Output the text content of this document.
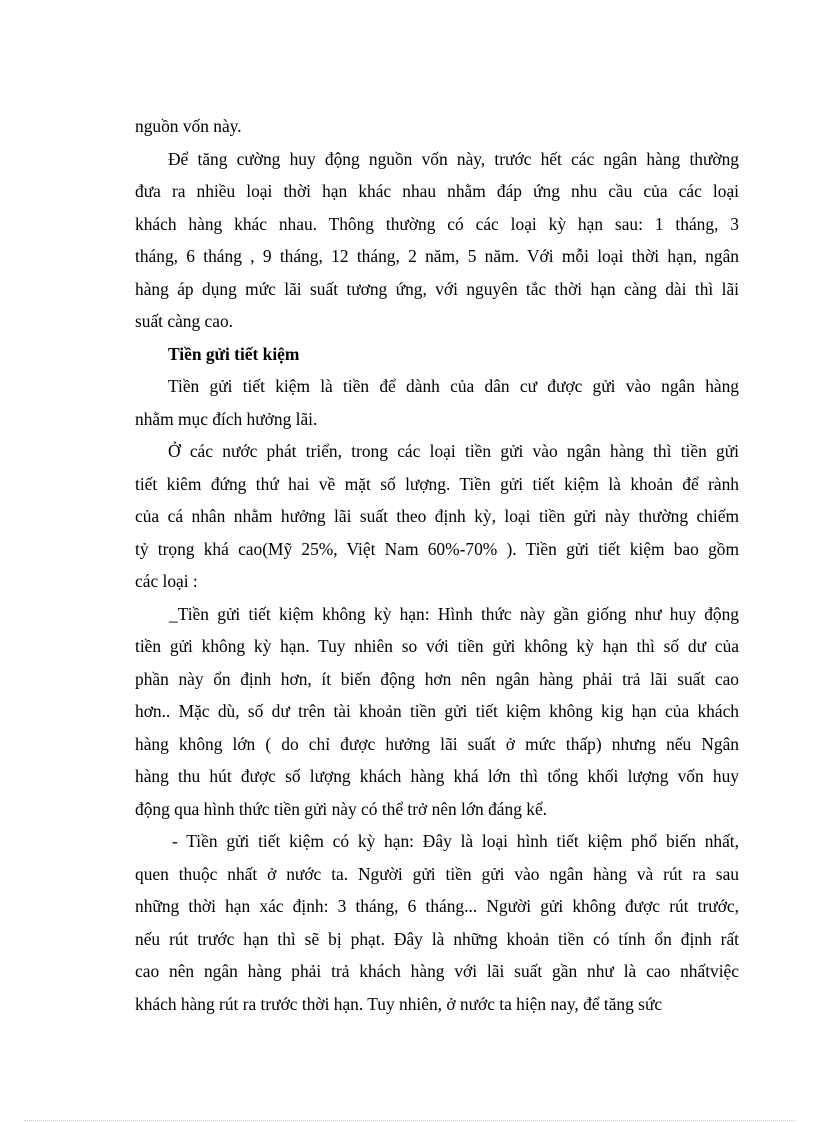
nguồn vốn này.
Để tăng cường huy động nguồn vốn này, trước hết các ngân hàng thường
đưa ra nhiều loại thời hạn khác nhau nhằm đáp ứng nhu cầu của các loại
khách hàng khác nhau. Thông thường có các loại kỳ hạn sau: 1 tháng, 3
tháng, 6 tháng , 9 tháng, 12 tháng, 2 năm, 5 năm. Với mỗi loại thời hạn, ngân
hàng áp dụng mức lãi suất tương ứng, với nguyên tắc thời hạn càng dài thì lãi
suất càng cao.
Tiền gửi tiết kiệm
Tiền gửi tiết kiệm là tiền để dành của dân cư được gửi vào ngân hàng
nhằm mục đích hưởng lãi.
Ở các nước phát triển, trong các loại tiền gửi vào ngân hàng thì tiền gửi
tiết kiêm đứng thứ hai về mặt số lượng. Tiền gửi tiết kiệm là khoản để rành
của cá nhân nhằm hưởng lãi suất theo định kỳ, loại tiền gửi này thường chiếm
tỷ trọng khá cao(Mỹ 25%, Việt Nam 60%-70% ). Tiền gửi tiết kiệm bao gồm
các loại :
_Tiền gửi tiết kiệm không kỳ hạn: Hình thức này gần giống như huy động
tiền gửi không kỳ hạn. Tuy nhiên so với tiền gửi không kỳ hạn thì số dư của
phần này ổn định hơn, ít biến động hơn nên ngân hàng phải trả lãi suất cao
hơn.. Mặc dù, số dư trên tài khoản tiền gửi tiết kiệm không kig hạn của khách
hàng không lớn ( do chỉ được hưởng lãi suất ở mức thấp) nhưng nếu Ngân
hàng thu hút được số lượng khách hàng khá lớn thì tổng khối lượng vốn huy
động qua hình thức tiền gửi này có thể trở nên lớn đáng kể.
- Tiền gửi tiết kiệm có kỳ hạn: Đây là loại hình tiết kiệm phổ biến nhất,
quen thuộc nhất ở nước ta. Người gửi tiền gửi vào ngân hàng và rút ra sau
những thời hạn xác định: 3 tháng, 6 tháng... Người gửi không được rút trước,
nếu rút trước hạn thì sẽ bị phạt. Đây là những khoản tiền có tính ổn định rất
cao nên ngân hàng phải trả khách hàng với lãi suất gần như là cao nhấtviệc
khách hàng rút ra trước thời hạn. Tuy nhiên, ở nước ta hiện nay, để tăng sức
